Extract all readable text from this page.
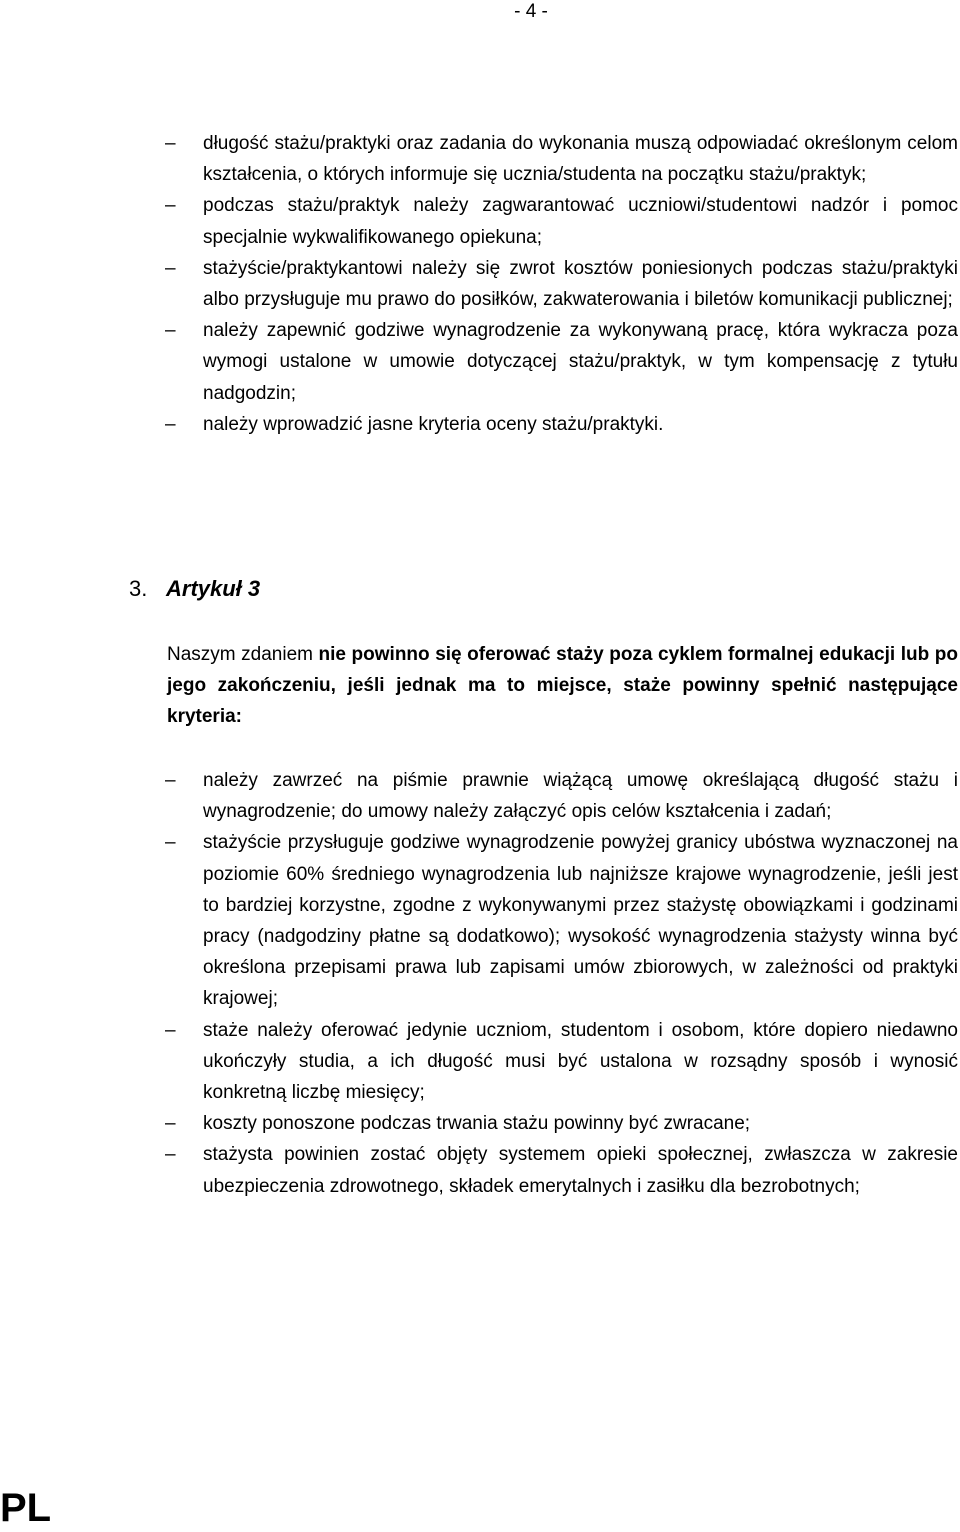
- 4 -
– długość stażu/praktyki oraz zadania do wykonania muszą odpowiadać określonym celom kształcenia, o których informuje się ucznia/studenta na początku stażu/praktyk;
– podczas stażu/praktyk należy zagwarantować uczniowi/studentowi nadzór i pomoc specjalnie wykwalifikowanego opiekuna;
– stażyście/praktykantowi należy się zwrot kosztów poniesionych podczas stażu/praktyki albo przysługuje mu prawo do posiłków, zakwaterowania i biletów komunikacji publicznej;
– należy zapewnić godziwe wynagrodzenie za wykonywaną pracę, która wykracza poza wymogi ustalone w umowie dotyczącej stażu/praktyk, w tym kompensację z tytułu nadgodzin;
– należy wprowadzić jasne kryteria oceny stażu/praktyki.
3. Artykuł 3
Naszym zdaniem nie powinno się oferować staży poza cyklem formalnej edukacji lub po jego zakończeniu, jeśli jednak ma to miejsce, staże powinny spełnić następujące kryteria:
– należy zawrzeć na piśmie prawnie wiążącą umowę określającą długość stażu i wynagrodzenie; do umowy należy załączyć opis celów kształcenia i zadań;
– stażyście przysługuje godziwe wynagrodzenie powyżej granicy ubóstwa wyznaczonej na poziomie 60% średniego wynagrodzenia lub najniższe krajowe wynagrodzenie, jeśli jest to bardziej korzystne, zgodne z wykonywanymi przez stażystę obowiązkami i godzinami pracy (nadgodziny płatne są dodatkowo); wysokość wynagrodzenia stażysty winna być określona przepisami prawa lub zapisami umów zbiorowych, w zależności od praktyki krajowej;
– staże należy oferować jedynie uczniom, studentom i osobom, które dopiero niedawno ukończyły studia, a ich długość musi być ustalona w rozsądny sposób i wynosić konkretną liczbę miesięcy;
– koszty ponoszone podczas trwania stażu powinny być zwracane;
– stażysta powinien zostać objęty systemem opieki społecznej, zwłaszcza w zakresie ubezpieczenia zdrowotnego, składek emerytalnych i zasiłku dla bezrobotnych;
PL
